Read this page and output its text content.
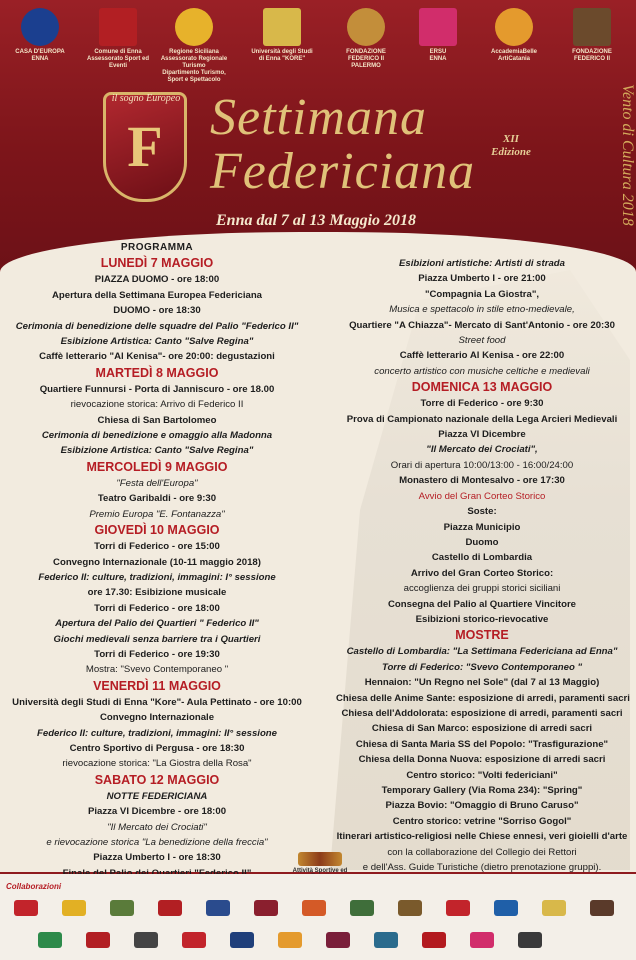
CASA D'EUROPA
ENNA
Comune di Enna
Assessorato Sport ed Eventi
Regione Siciliana
Assessorato Regionale Turismo
Dipartimento Turismo,
Sport e Spettacolo
Università degli Studi
di Enna "KORE"
FONDAZIONE
FEDERICO II
PALERMO
ERSU
ENNA
AccademiaBelle
ArtiCatania
FONDAZIONE
FEDERICO II
F
il sogno Europeo Settimana
Federiciana
XII
Edizione
Enna dal 7 al 13 Maggio 2018	Vento di Cultura 2018
PROGRAMMA
LUNEDÌ 7 MAGGIO
PIAZZA DUOMO - ore 18:00
Apertura della Settimana Europea Federiciana
DUOMO - ore 18:30
Cerimonia di benedizione delle squadre del Palio "Federico II"
Esibizione Artistica: Canto "Salve Regina"
Caffè letterario "Al Kenisa"- ore 20:00: degustazioni
MARTEDÌ 8 MAGGIO
Quartiere Funnursi - Porta di Janniscuro - ore 18.00
rievocazione storica: Arrivo di Federico II
Chiesa di San Bartolomeo
Cerimonia di benedizione e omaggio alla Madonna
Esibizione Artistica: Canto "Salve Regina"
MERCOLEDÌ 9 MAGGIO
"Festa dell'Europa"
Teatro Garibaldi - ore 9:30
Premio Europa "E. Fontanazza"
GIOVEDÌ 10 MAGGIO
Torri di Federico - ore 15:00
Convegno Internazionale (10-11 maggio 2018)
Federico II: culture, tradizioni, immagini: I° sessione
ore 17.30: Esibizione musicale
Torri di Federico - ore 18:00
Apertura del Palio dei Quartieri " Federico II"
Giochi medievali senza barriere tra i Quartieri
Torri di Federico - ore 19:30
Mostra: "Svevo Contemporaneo "
VENERDÌ 11 MAGGIO
Università degli Studi di Enna "Kore"- Aula Pettinato - ore 10:00
Convegno Internazionale
Federico II: culture, tradizioni, immagini: II° sessione
Centro Sportivo di Pergusa - ore 18:30
rievocazione storica: "La Giostra della Rosa"
SABATO 12 MAGGIO
NOTTE FEDERICIANA
Piazza VI Dicembre - ore 18:00
"Il Mercato dei Crociati"
e rievocazione storica "La benedizione della freccia"
Piazza Umberto I - ore 18:30
Esibizioni artistiche: Artisti di strada
Piazza Umberto I - ore 21:00
"Compagnia La Giostra",
Musica e spettacolo in stile etno-medievale,
Quartiere "A Chiazza"- Mercato di Sant'Antonio - ore 20:30
Street food
Caffè letterario Al Kenisa - ore 22:00
concerto artistico con musiche celtiche e medievali
DOMENICA 13 MAGGIO
Torre di Federico - ore 9:30
Prova di Campionato nazionale della Lega Arcieri Medievali
Piazza VI Dicembre
"Il Mercato dei Crociati",
Orari di apertura 10:00/13:00 - 16:00/24:00
Monastero di Montesalvo - ore 17:30
Avvio del Gran Corteo Storico
Soste:
Piazza Municipio
Duomo
Castello di Lombardia
Arrivo del Gran Corteo Storico:
accoglienza dei gruppi storici siciliani
Consegna del Palio al Quartiere Vincitore
Esibizioni storico-rievocative
MOSTRE
Castello di Lombardia: "La Settimana Federiciana ad Enna"
Torre di Federico: "Svevo Contemporaneo "
Hennaion: "Un Regno nel Sole" (dal 7 al 13 Maggio)
Chiesa delle Anime Sante: esposizione di arredi, paramenti sacri
Chiesa dell'Addolorata: esposizione di arredi, paramenti sacri
Chiesa di San Marco: esposizione di arredi sacri
Chiesa di Santa Maria SS del Popolo: "Trasfigurazione"
Chiesa della Donna Nuova: esposizione di arredi sacri
Centro storico: "Volti federiciani"
Temporary Gallery (Via Roma 234): "Spring"
Piazza Bovio: "Omaggio di Bruno Caruso"
Centro storico: vetrine "Sorriso Gogol"
Itinerari artistico-religiosi nelle Chiese ennesi, veri gioielli d'arte
con la collaborazione del Collegio dei Rettori
e dell'Ass. Guide Turistiche (dietro prenotazione gruppi).
Attività Sportive ed
Collaborazioni
